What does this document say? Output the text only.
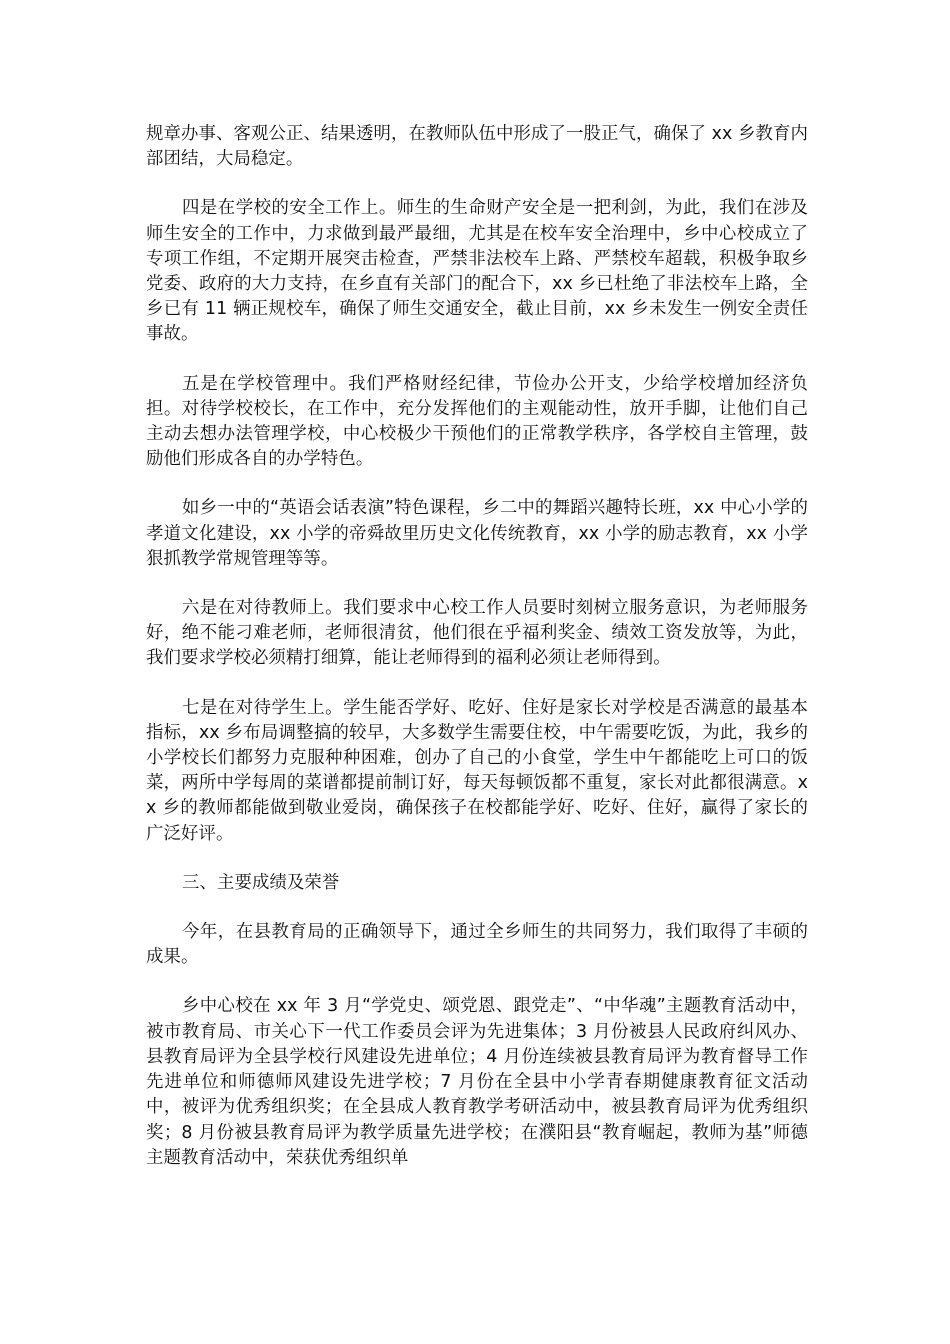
规章办事、客观公正、结果透明，在教师队伍中形成了一股正气，确保了 xx 乡教育内部团结，大局稳定。

四是在学校的安全工作上。师生的生命财产安全是一把利剑，为此，我们在涉及师生安全的工作中，力求做到最严最细，尤其是在校车安全治理中，乡中心校成立了专项工作组，不定期开展突击检查，严禁非法校车上路、严禁校车超载，积极争取乡党委、政府的大力支持，在乡直有关部门的配合下，xx 乡已杜绝了非法校车上路，全乡已有 11 辆正规校车，确保了师生交通安全，截止目前，xx 乡未发生一例安全责任事故。

五是在学校管理中。我们严格财经纪律，节俭办公开支，少给学校增加经济负担。对待学校校长，在工作中，充分发挥他们的主观能动性，放开手脚，让他们自己主动去想办法管理学校，中心校极少干预他们的正常教学秩序，各学校自主管理，鼓励他们形成各自的办学特色。

如乡一中的“英语会话表演”特色课程，乡二中的舞蹈兴趣特长班，xx 中心小学的孝道文化建设，xx 小学的帝舜故里历史文化传统教育，xx 小学的励志教育，xx 小学狠抓教学常规管理等等。

六是在对待教师上。我们要求中心校工作人员要时刻树立服务意识，为老师服务好，绝不能刁难老师，老师很清贫，他们很在乎福利奖金、绩效工资发放等，为此，我们要求学校必须精打细算，能让老师得到的福利必须让老师得到。

七是在对待学生上。学生能否学好、吃好、住好是家长对学校是否满意的最基本指标，xx 乡布局调整搞的较早，大多数学生需要住校，中午需要吃饭，为此，我乡的小学校长们都努力克服种种困难，创办了自己的小食堂，学生中午都能吃上可口的饭菜，两所中学每周的菜谱都提前制订好，每天每顿饭都不重复，家长对此都很满意。xx 乡的教师都能做到敬业爱岗，确保孩子在校都能学好、吃好、住好，赢得了家长的广泛好评。

三、主要成绩及荣誉

今年，在县教育局的正确领导下，通过全乡师生的共同努力，我们取得了丰硕的成果。

乡中心校在 xx 年 3 月“学党史、颂党恩、跟党走”、“中华魂”主题教育活动中，被市教育局、市关心下一代工作委员会评为先进集体；3 月份被县人民政府纠风办、县教育局评为全县学校行风建设先进单位；4 月份连续被县教育局评为教育督导工作先进单位和师德师风建设先进学校；7 月份在全县中小学青春期健康教育征文活动中，被评为优秀组织奖；在全县成人教育教学考研活动中，被县教育局评为优秀组织奖；8 月份被县教育局评为教学质量先进学校；在濮阳县“教育崛起，教师为基”师德主题教育活动中，荣获优秀组织单
